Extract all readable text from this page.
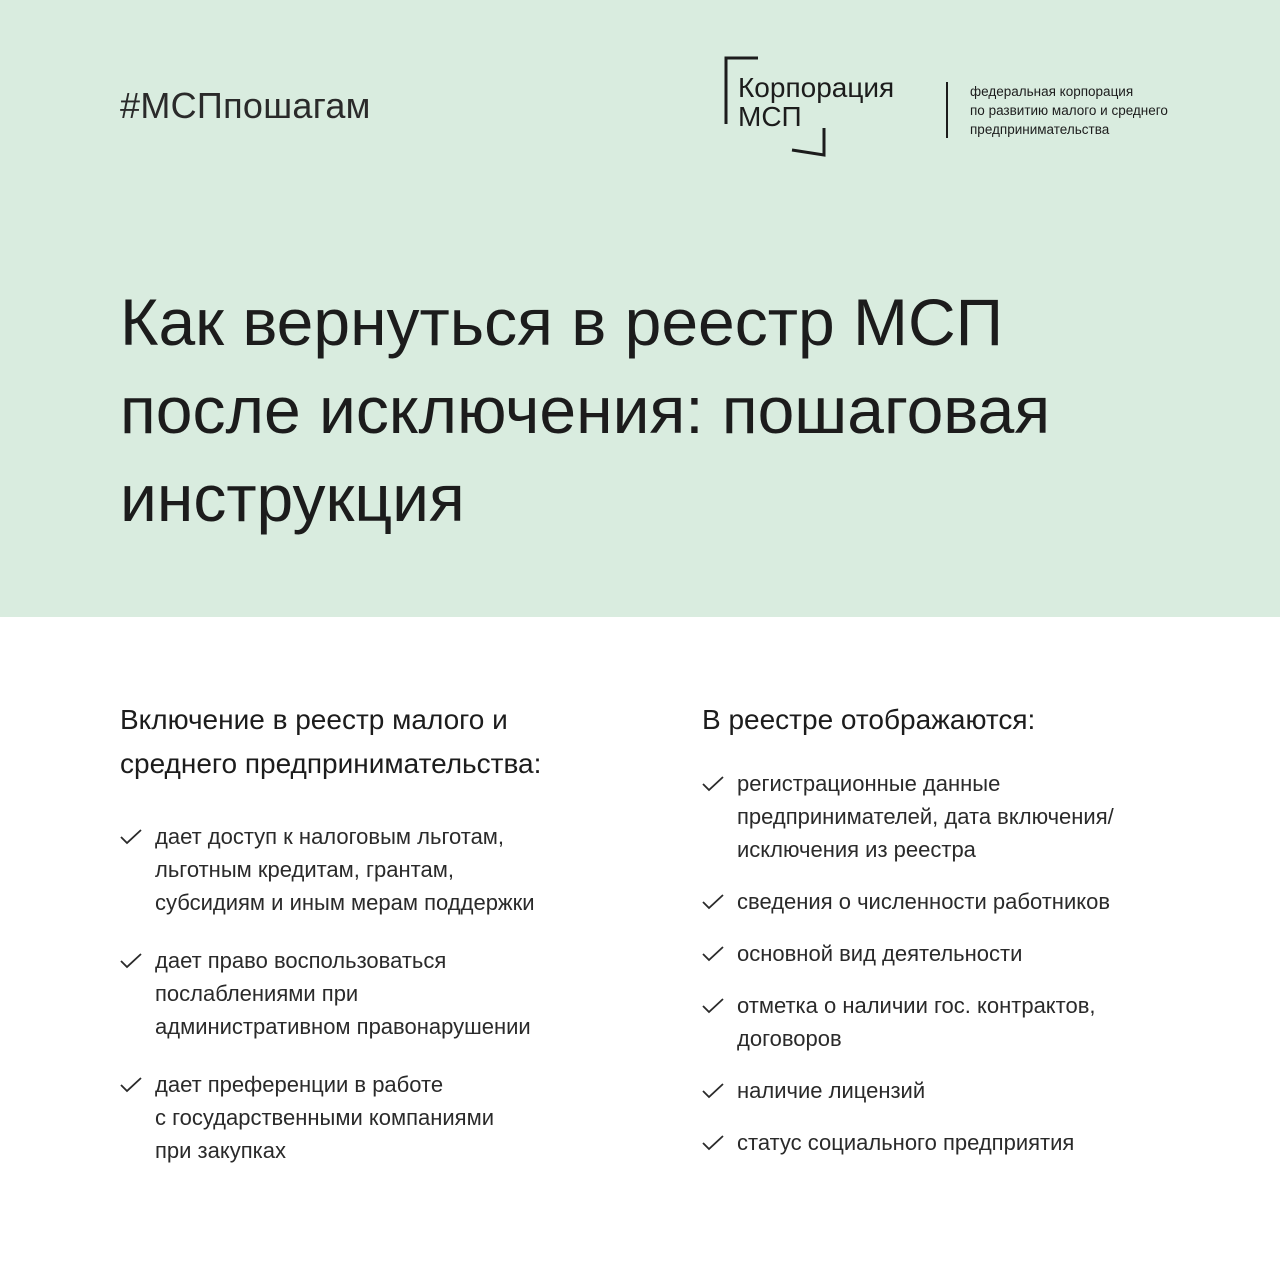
#МСПпошагам	Корпорация
МСП
федеральная корпорация
по развитию малого и среднего
предпринимательства
Как вернуться в реестр МСП
после исключения: пошаговая
инструкция
Включение в реестр малого и
среднего предпринимательства:
дает доступ к налоговым льготам,
льготным кредитам, грантам,
субсидиям и иным мерам поддержки
дает право воспользоваться
послаблениями при
административном правонарушении
дает преференции в работе
с государственными компаниями
при закупках
В реестре отображаются:
регистрационные данные
предпринимателей, дата включения/
исключения из реестра
сведения о численности работников
основной вид деятельности
отметка о наличии гос. контрактов,
договоров
наличие лицензий
статус социального предприятия
